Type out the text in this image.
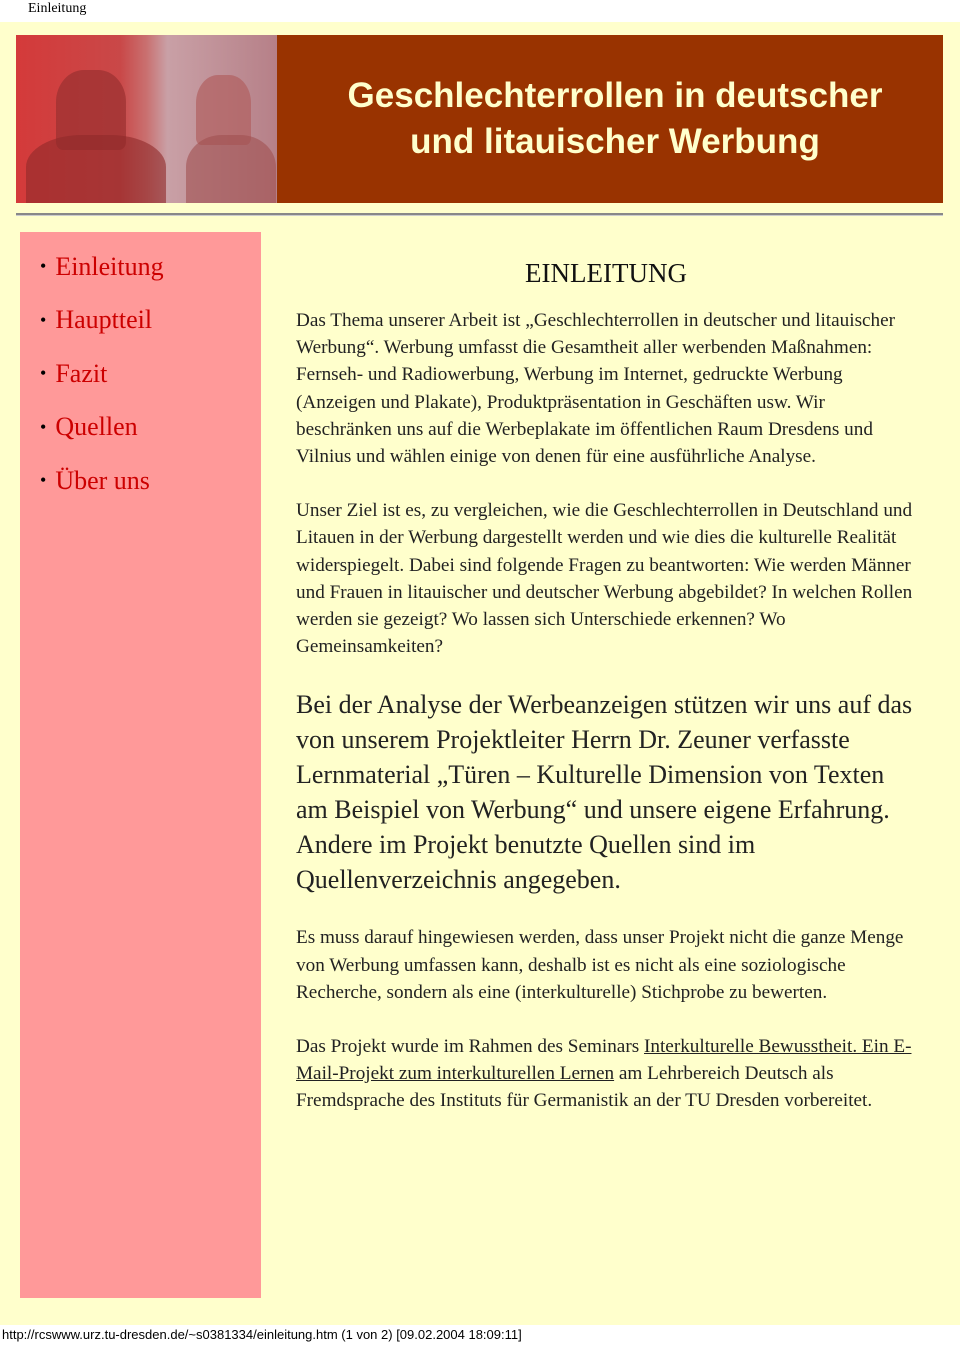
Einleitung
Geschlechterrollen in deutscher
und litauischer Werbung
• Einleitung
• Hauptteil
• Fazit
• Quellen
• Über uns
EINLEITUNG

Das Thema unserer Arbeit ist „Geschlechterrollen in deutscher und litauischer Werbung“. Werbung umfasst die Gesamtheit aller werbenden Maßnahmen: Fernseh- und Radiowerbung, Werbung im Internet, gedruckte Werbung (Anzeigen und Plakate), Produktpräsentation in Geschäften usw. Wir beschränken uns auf die Werbeplakate im öffentlichen Raum Dresdens und Vilnius und wählen einige von denen für eine ausführliche Analyse.

Unser Ziel ist es, zu vergleichen, wie die Geschlechterrollen in Deutschland und Litauen in der Werbung dargestellt werden und wie dies die kulturelle Realität widerspiegelt. Dabei sind folgende Fragen zu beantworten: Wie werden Männer und Frauen in litauischer und deutscher Werbung abgebildet? In welchen Rollen werden sie gezeigt? Wo lassen sich Unterschiede erkennen? Wo Gemeinsamkeiten?

Bei der Analyse der Werbeanzeigen stützen wir uns auf das von unserem Projektleiter Herrn Dr. Zeuner verfasste Lernmaterial „Türen – Kulturelle Dimension von Texten am Beispiel von Werbung“ und unsere eigene Erfahrung. Andere im Projekt benutzte Quellen sind im Quellenverzeichnis angegeben.

Es muss darauf hingewiesen werden, dass unser Projekt nicht die ganze Menge von Werbung umfassen kann, deshalb ist es nicht als eine soziologische Recherche, sondern als eine (interkulturelle) Stichprobe zu bewerten.

Das Projekt wurde im Rahmen des Seminars Interkulturelle Bewusstheit. Ein E-Mail-Projekt zum interkulturellen Lernen am Lehrbereich Deutsch als Fremdsprache des Instituts für Germanistik an der TU Dresden vorbereitet.

http://rcswww.urz.tu-dresden.de/~s0381334/einleitung.htm (1 von 2) [09.02.2004 18:09:11]
